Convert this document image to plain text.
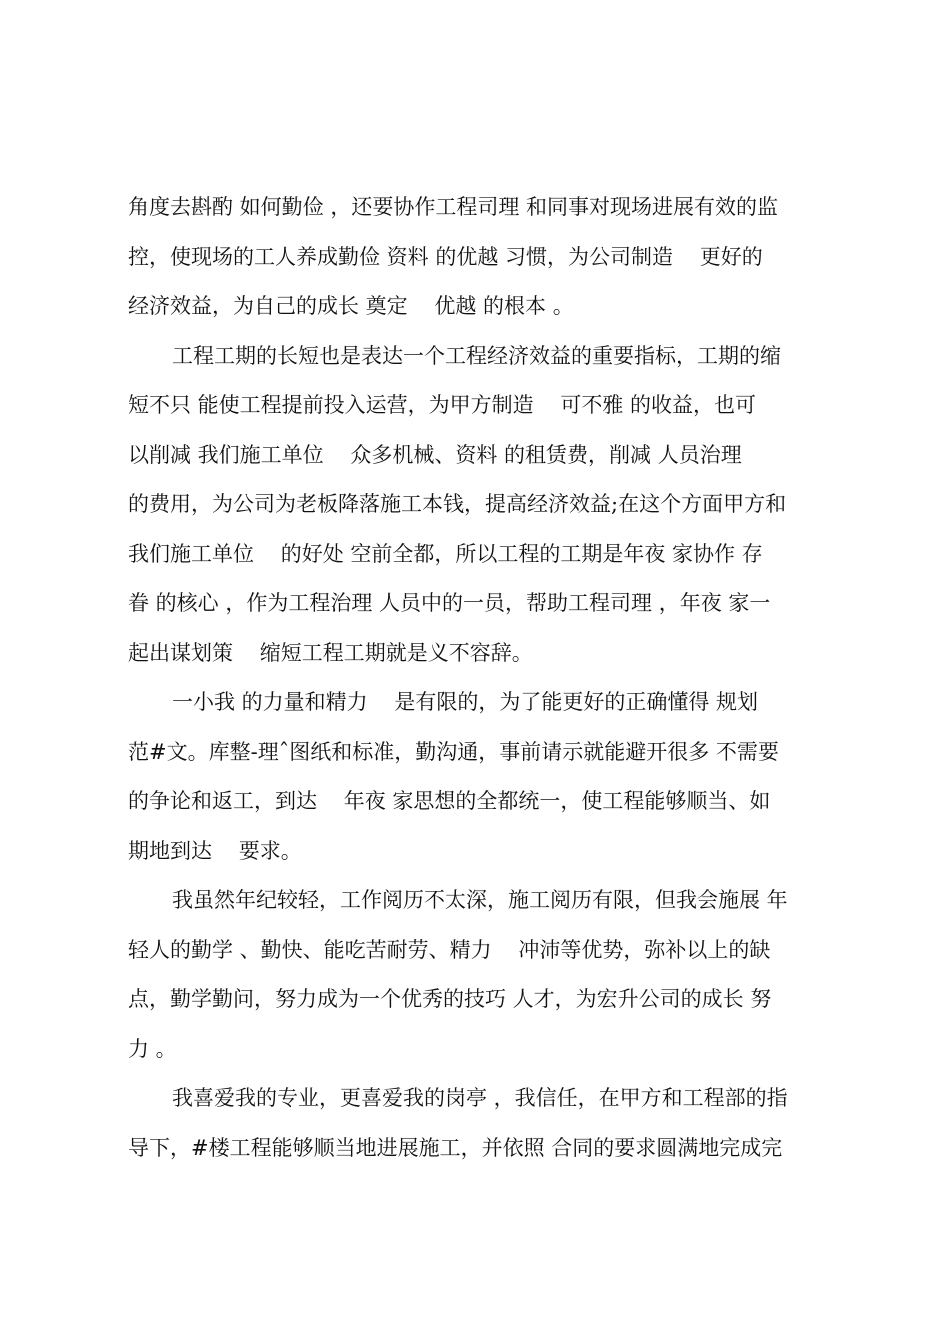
角度去斟酌 如何勤俭 ，还要协作工程司理 和同事对现场进展有效的监
控，使现场的工人养成勤俭 资料 的优越 习惯，为公司制造    更好的
经济效益，为自己的成长 奠定    优越 的根本 。
工程工期的长短也是表达一个工程经济效益的重要指标，工期的缩
短不只 能使工程提前投入运营，为甲方制造    可不雅 的收益，也可
以削减 我们施工单位    众多机械、资料 的租赁费，削减 人员治理
的费用，为公司为老板降落施工本钱，提高经济效益;在这个方面甲方和
我们施工单位    的好处 空前全都，所以工程的工期是年夜 家协作 存
眷 的核心 ，作为工程治理 人员中的一员，帮助工程司理 ，年夜 家一
起出谋划策    缩短工程工期就是义不容辞。
一小我 的力量和精力    是有限的，为了能更好的正确懂得 规划
范#文。库整-理ˆ图纸和标准，勤沟通，事前请示就能避开很多 不需要
的争论和返工，到达    年夜 家思想的全都统一，使工程能够顺当、如
期地到达    要求。
我虽然年纪较轻，工作阅历不太深，施工阅历有限，但我会施展 年
轻人的勤学 、勤快、能吃苦耐劳、精力    冲沛等优势，弥补以上的缺
点，勤学勤问，努力成为一个优秀的技巧 人才，为宏升公司的成长 努
力 。
我喜爱我的专业，更喜爱我的岗亭 ，我信任，在甲方和工程部的指
导下，#楼工程能够顺当地进展施工，并依照 合同的要求圆满地完成完
